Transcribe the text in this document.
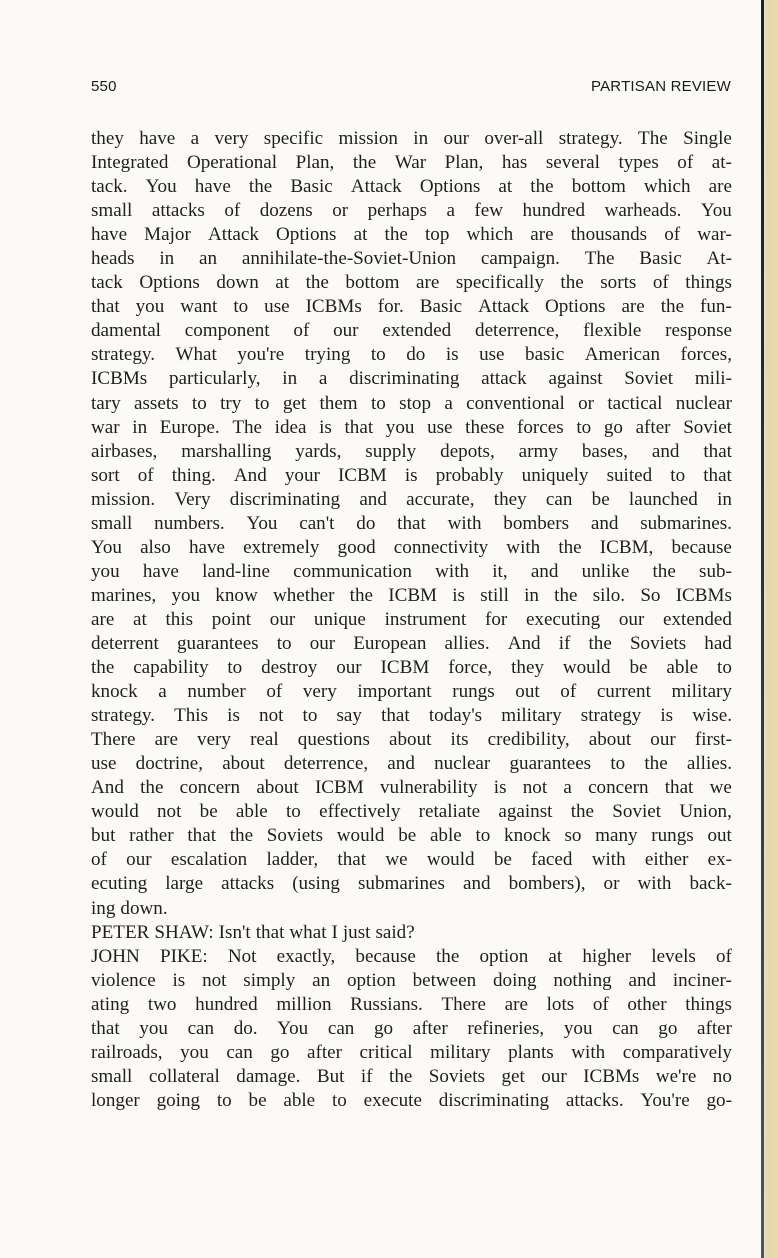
550	PARTISAN REVIEW
they have a very specific mission in our over-all strategy. The Single
Integrated Operational Plan, the War Plan, has several types of at-
tack. You have the Basic Attack Options at the bottom which are
small attacks of dozens or perhaps a few hundred warheads. You
have Major Attack Options at the top which are thousands of war-
heads in an annihilate-the-Soviet-Union campaign. The Basic At-
tack Options down at the bottom are specifically the sorts of things
that you want to use ICBMs for. Basic Attack Options are the fun-
damental component of our extended deterrence, flexible response
strategy. What you're trying to do is use basic American forces,
ICBMs particularly, in a discriminating attack against Soviet mili-
tary assets to try to get them to stop a conventional or tactical nuclear
war in Europe. The idea is that you use these forces to go after Soviet
airbases, marshalling yards, supply depots, army bases, and that
sort of thing. And your ICBM is probably uniquely suited to that
mission. Very discriminating and accurate, they can be launched in
small numbers. You can't do that with bombers and submarines.
You also have extremely good connectivity with the ICBM, because
you have land-line communication with it, and unlike the sub-
marines, you know whether the ICBM is still in the silo. So ICBMs
are at this point our unique instrument for executing our extended
deterrent guarantees to our European allies. And if the Soviets had
the capability to destroy our ICBM force, they would be able to
knock a number of very important rungs out of current military
strategy. This is not to say that today's military strategy is wise.
There are very real questions about its credibility, about our first-
use doctrine, about deterrence, and nuclear guarantees to the allies.
And the concern about ICBM vulnerability is not a concern that we
would not be able to effectively retaliate against the Soviet Union,
but rather that the Soviets would be able to knock so many rungs out
of our escalation ladder, that we would be faced with either ex-
ecuting large attacks (using submarines and bombers), or with back-
ing down.
PETER SHAW: Isn't that what I just said?
JOHN PIKE: Not exactly, because the option at higher levels of
violence is not simply an option between doing nothing and inciner-
ating two hundred million Russians. There are lots of other things
that you can do. You can go after refineries, you can go after
railroads, you can go after critical military plants with comparatively
small collateral damage. But if the Soviets get our ICBMs we're no
longer going to be able to execute discriminating attacks. You're go-
